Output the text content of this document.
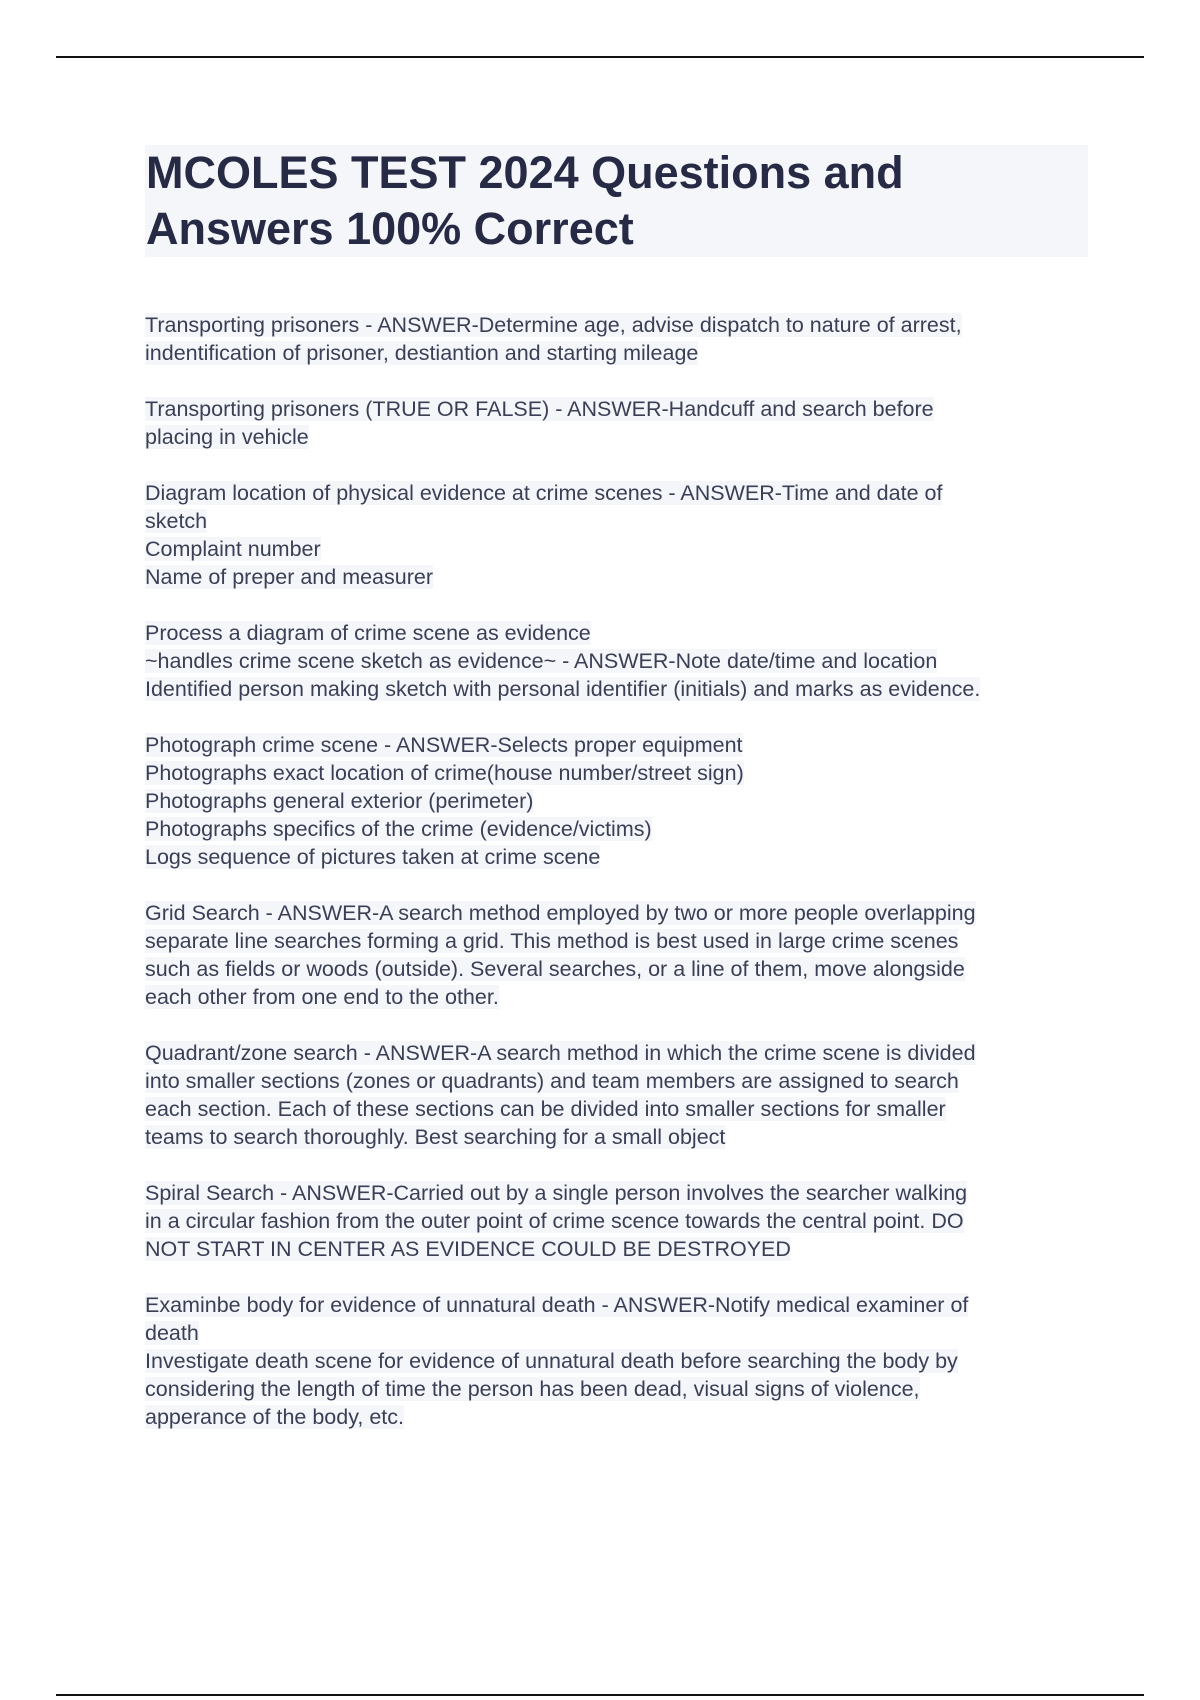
MCOLES TEST 2024 Questions and
Answers 100% Correct
Transporting prisoners - ANSWER-Determine age, advise dispatch to nature of arrest,
indentification of prisoner, destiantion and starting mileage
Transporting prisoners (TRUE OR FALSE) - ANSWER-Handcuff and search before
placing in vehicle
Diagram location of physical evidence at crime scenes - ANSWER-Time and date of
sketch
Complaint number
Name of preper and measurer
Process a diagram of crime scene as evidence
~handles crime scene sketch as evidence~ - ANSWER-Note date/time and location
Identified person making sketch with personal identifier (initials) and marks as evidence.
Photograph crime scene - ANSWER-Selects proper equipment
Photographs exact location of crime(house number/street sign)
Photographs general exterior (perimeter)
Photographs specifics of the crime (evidence/victims)
Logs sequence of pictures taken at crime scene
Grid Search - ANSWER-A search method employed by two or more people overlapping
separate line searches forming a grid. This method is best used in large crime scenes
such as fields or woods (outside). Several searches, or a line of them, move alongside
each other from one end to the other.
Quadrant/zone search - ANSWER-A search method in which the crime scene is divided
into smaller sections (zones or quadrants) and team members are assigned to search
each section. Each of these sections can be divided into smaller sections for smaller
teams to search thoroughly. Best searching for a small object
Spiral Search - ANSWER-Carried out by a single person involves the searcher walking
in a circular fashion from the outer point of crime scence towards the central point. DO
NOT START IN CENTER AS EVIDENCE COULD BE DESTROYED
Examinbe body for evidence of unnatural death - ANSWER-Notify medical examiner of
death
Investigate death scene for evidence of unnatural death before searching the body by
considering the length of time the person has been dead, visual signs of violence,
apperance of the body, etc.
